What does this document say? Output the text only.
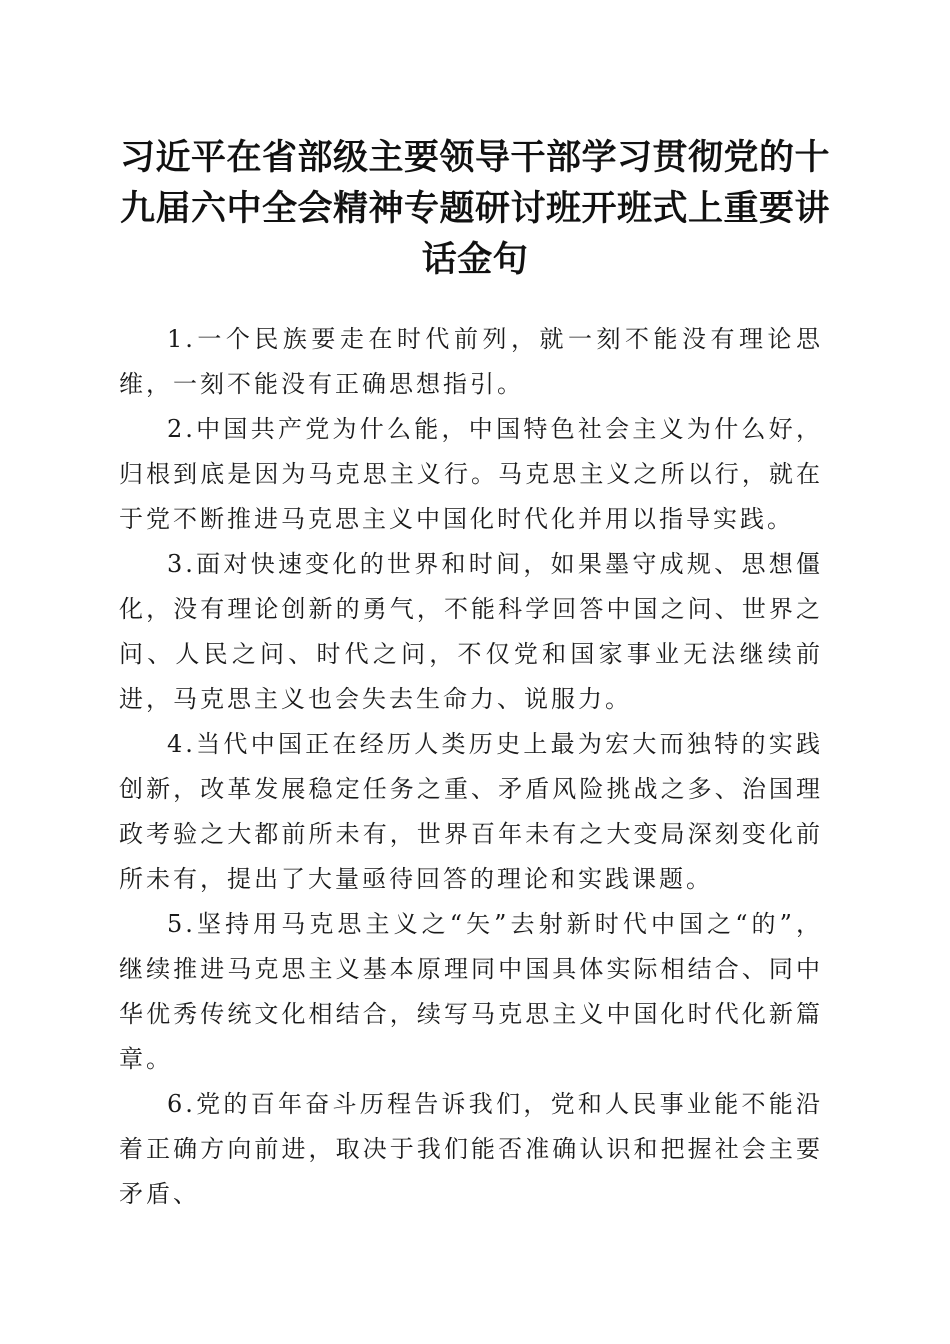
习近平在省部级主要领导干部学习贯彻党的十九届六中全会精神专题研讨班开班式上重要讲话金句

1.一个民族要走在时代前列，就一刻不能没有理论思维，一刻不能没有正确思想指引。

2.中国共产党为什么能，中国特色社会主义为什么好，归根到底是因为马克思主义行。马克思主义之所以行，就在于党不断推进马克思主义中国化时代化并用以指导实践。

3.面对快速变化的世界和时间，如果墨守成规、思想僵化，没有理论创新的勇气，不能科学回答中国之问、世界之问、人民之问、时代之问，不仅党和国家事业无法继续前进，马克思主义也会失去生命力、说服力。

4.当代中国正在经历人类历史上最为宏大而独特的实践创新，改革发展稳定任务之重、矛盾风险挑战之多、治国理政考验之大都前所未有，世界百年未有之大变局深刻变化前所未有，提出了大量亟待回答的理论和实践课题。

5.坚持用马克思主义之“矢”去射新时代中国之“的”，继续推进马克思主义基本原理同中国具体实际相结合、同中华优秀传统文化相结合，续写马克思主义中国化时代化新篇章。

6.党的百年奋斗历程告诉我们，党和人民事业能不能沿着正确方向前进，取决于我们能否准确认识和把握社会主要矛盾、
